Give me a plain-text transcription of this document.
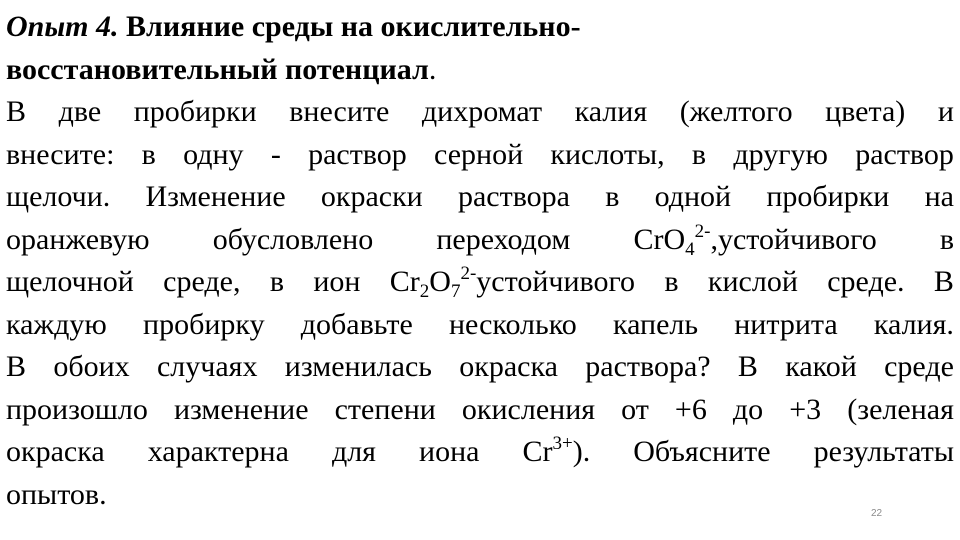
Опыт 4. Влияние среды на окислительно-
восстановительный потенциал.
В две пробирки внесите дихромат калия (желтого цвета) и
внесите: в одну - раствор серной кислоты, в другую раствор
щелочи. Изменение окраски раствора в одной пробирки на
оранжевую обусловлено переходом CrO$_4^{2-}$,устойчивого в
щелочной среде, в ион $Cr_2O_7^{2-}устойчивого$ в кислой среде. В
каждую пробирку добавьте несколько капель нитрита калия.
В обоих случаях изменилась окраска раствора? В какой среде
произошло изменение степени окисления от +6 до +3 (зеленая
окраска характерна для иона $Cr^{3+}$). Объясните результаты
опытов.
22
